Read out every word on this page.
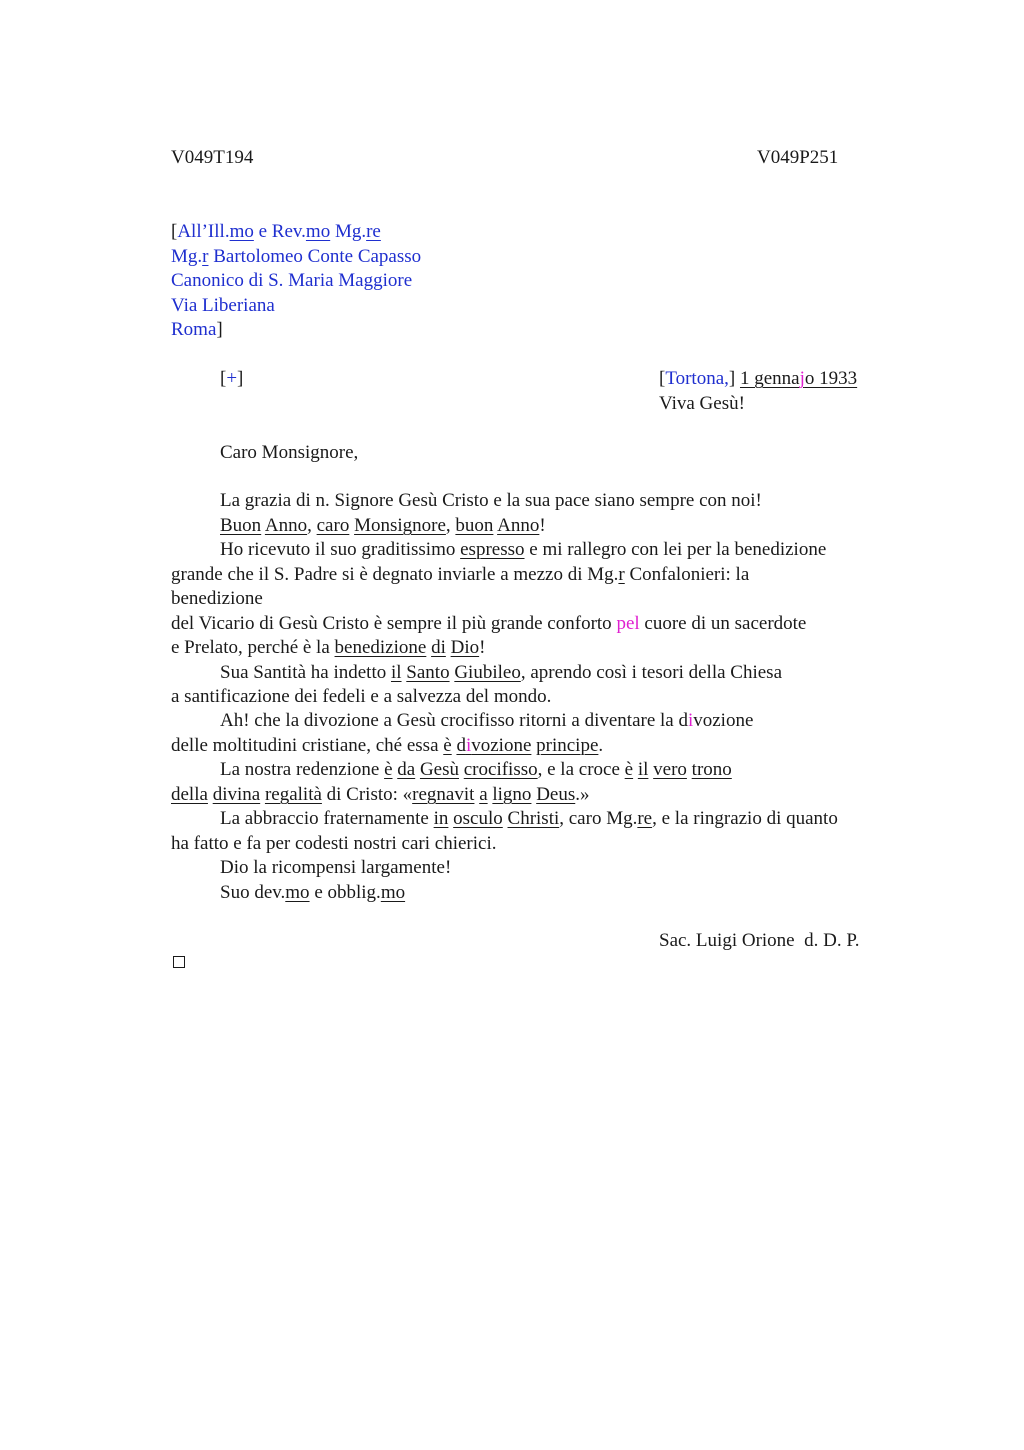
V049T194	V049P251
[All’Ill.mo e Rev.mo Mg.re
Mg.r Bartolomeo Conte Capasso
Canonico di S. Maria Maggiore
Via Liberiana
Roma]
[+]	[Tortona,] 1 gennajo 1933
Viva Gesù!
Caro Monsignore,
La grazia di n. Signore Gesù Cristo e la sua pace siano sempre con noi!
Buon Anno, caro Monsignore, buon Anno!
Ho ricevuto il suo graditissimo espresso e mi rallegro con lei per la benedizione
grande che il S. Padre si è degnato inviarle a mezzo di Mg.r Confalonieri: la
benedizione
del Vicario di Gesù Cristo è sempre il più grande conforto pel cuore di un sacerdote
e Prelato, perché è la benedizione di Dio!
Sua Santità ha indetto il Santo Giubileo, aprendo così i tesori della Chiesa
a santificazione dei fedeli e a salvezza del mondo.
Ah! che la divozione a Gesù crocifisso ritorni a diventare la divozione
delle moltitudini cristiane, ché essa è divozione principe.
La nostra redenzione è da Gesù crocifisso, e la croce è il vero trono
della divina regalità di Cristo: «regnavit a ligno Deus.»
La abbraccio fraternamente in osculo Christi, caro Mg.re, e la ringrazio di quanto
ha fatto e fa per codesti nostri cari chierici.
Dio la ricompensi largamente!
Suo dev.mo e obblig.mo
Sac. Luigi Orione  d. D. P.
